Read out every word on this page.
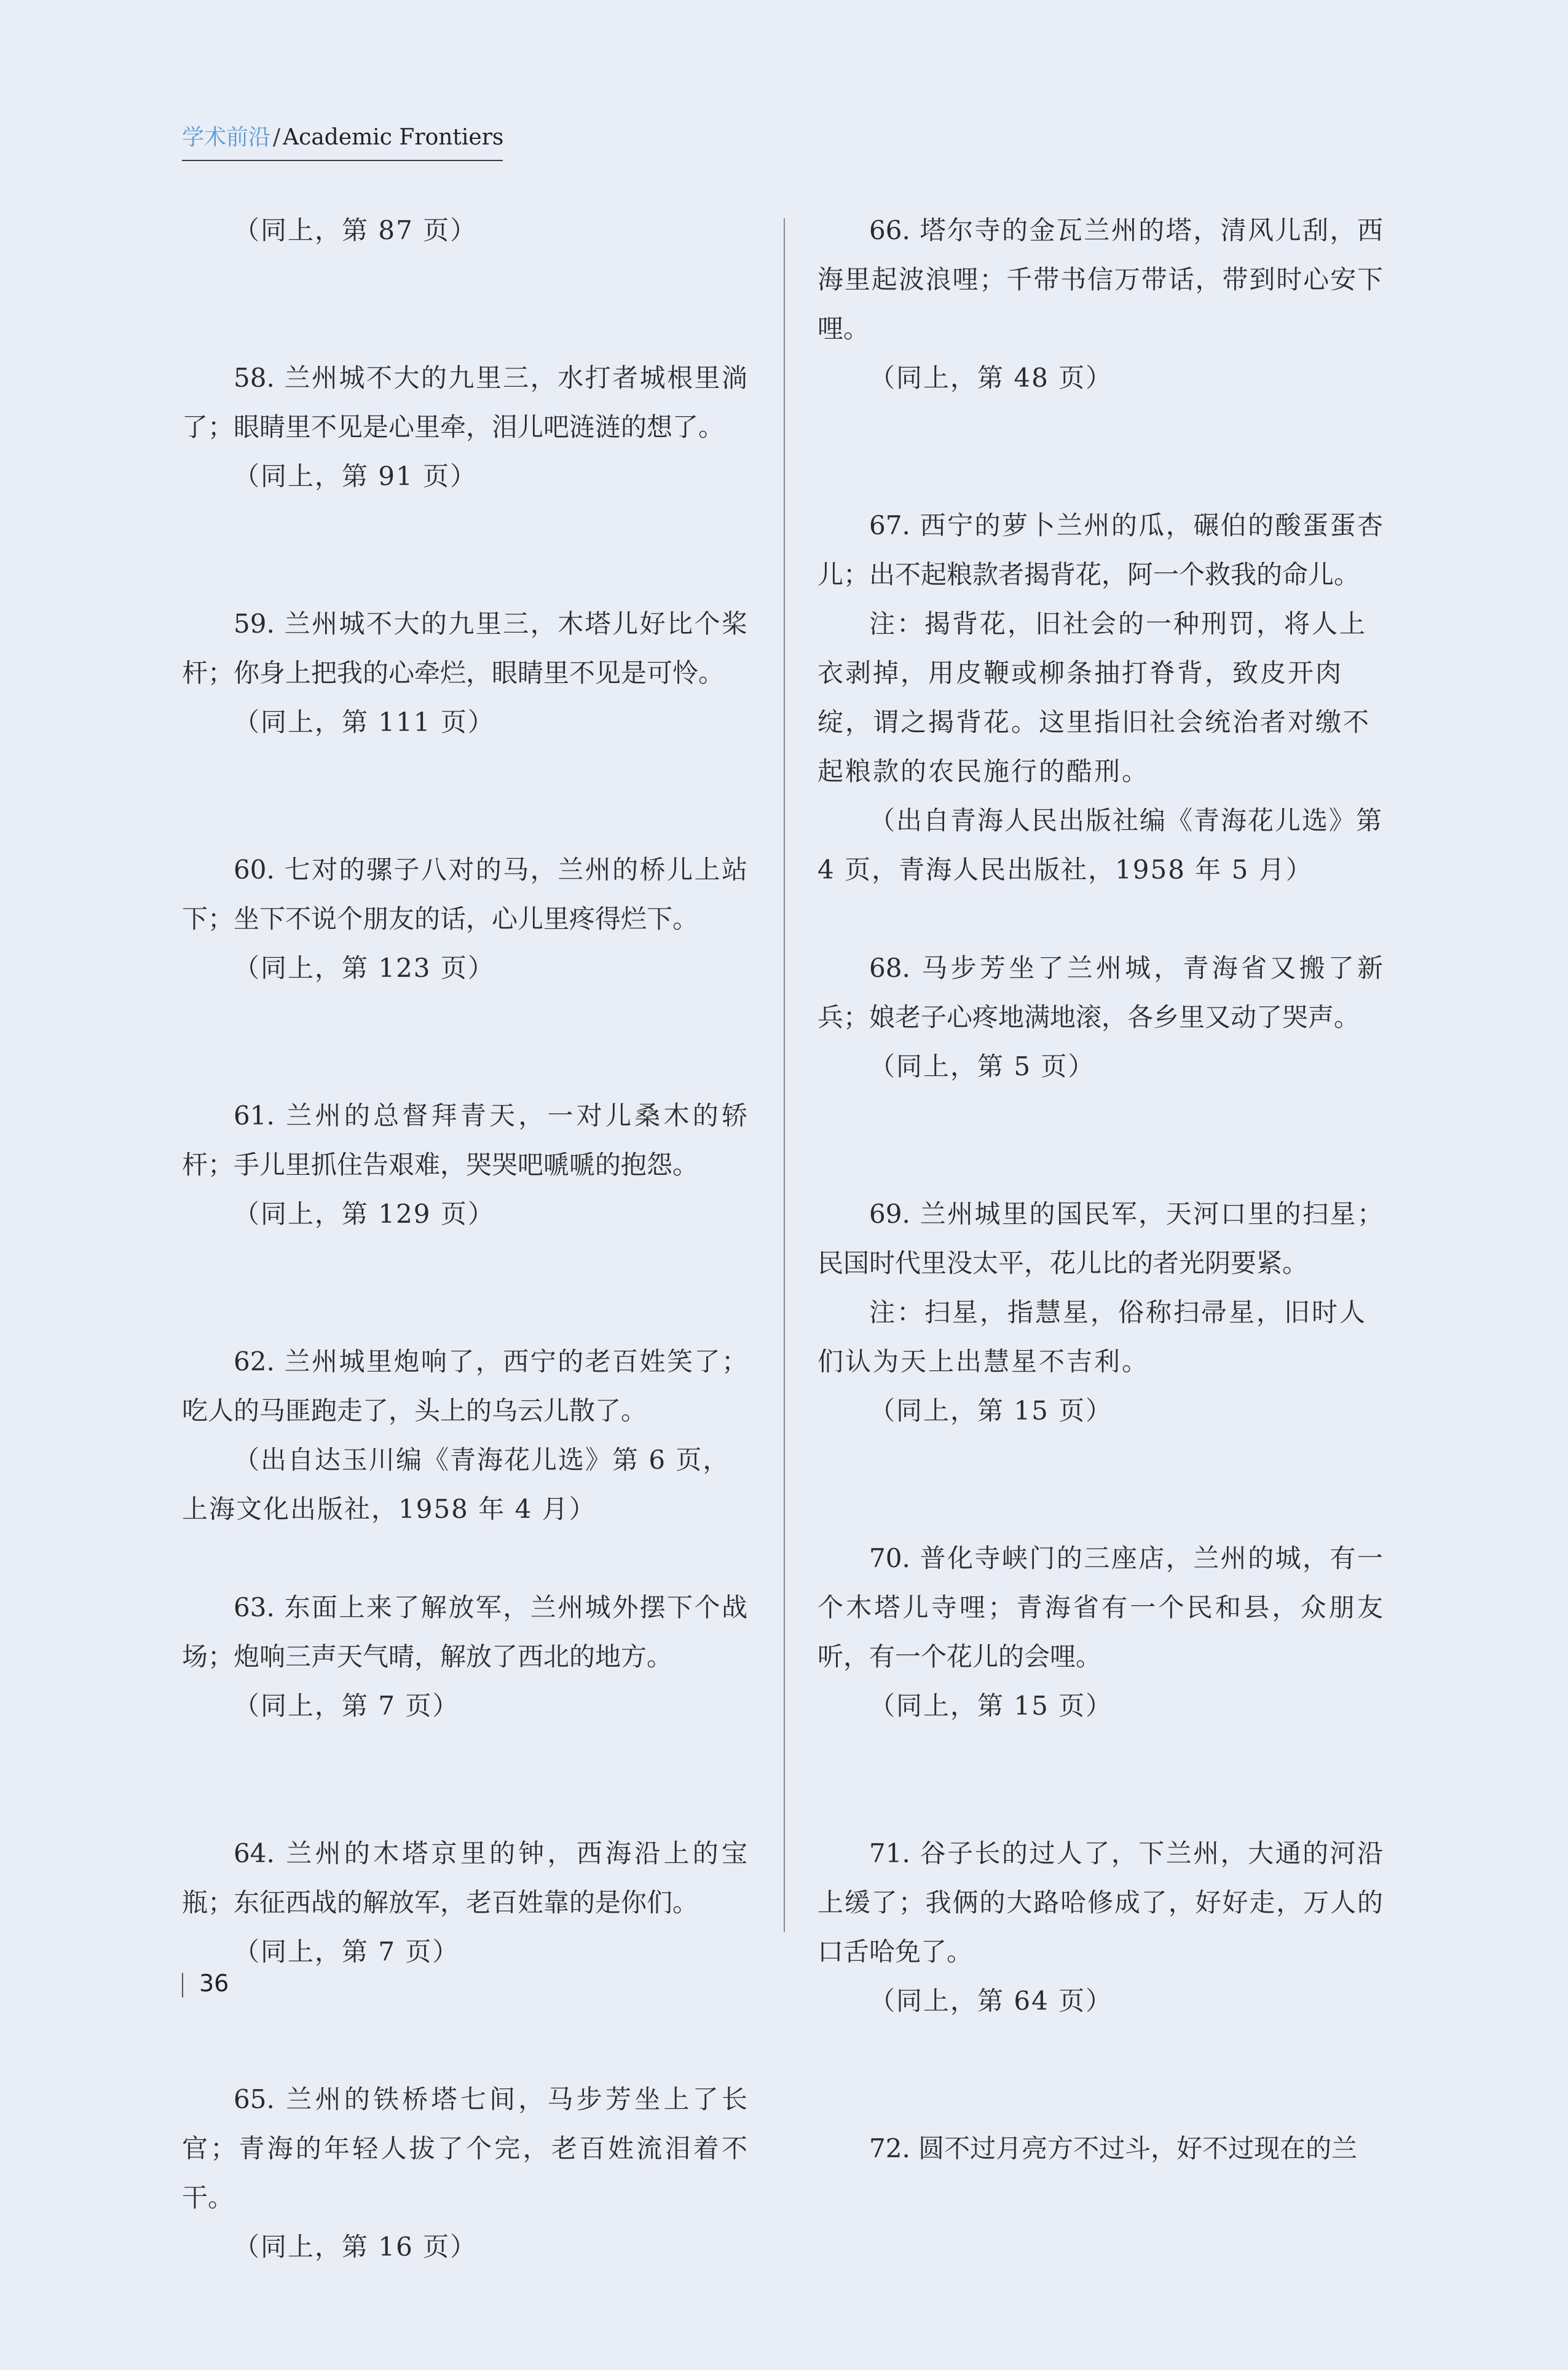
学术前沿 / Academic Frontiers

（同上，第 87 页）

58. 兰州城不大的九里三，水打者城根里淌了；眼睛里不见是心里牵，泪儿吧涟涟的想了。

（同上，第 91 页）

59. 兰州城不大的九里三，木塔儿好比个桨杆；你身上把我的心牵烂，眼睛里不见是可怜。

（同上，第 111 页）

60. 七对的骡子八对的马，兰州的桥儿上站下；坐下不说个朋友的话，心儿里疼得烂下。

（同上，第 123 页）

61. 兰州的总督拜青天，一对儿桑木的轿杆；手儿里抓住告艰难，哭哭吧嗁嗁的抱怨。

（同上，第 129 页）

62. 兰州城里炮响了，西宁的老百姓笑了；吃人的马匪跑走了，头上的乌云儿散了。

（出自达玉川编《青海花儿选》第 6 页，上海文化出版社，1958 年 4 月）

63. 东面上来了解放军，兰州城外摆下个战场；炮响三声天气晴，解放了西北的地方。

（同上，第 7 页）

64. 兰州的木塔京里的钟，西海沿上的宝瓶；东征西战的解放军，老百姓靠的是你们。

（同上，第 7 页）

65. 兰州的铁桥塔七间，马步芳坐上了长官；青海的年轻人拔了个完，老百姓流泪着不干。

（同上，第 16 页）

66. 塔尔寺的金瓦兰州的塔，清风儿刮，西海里起波浪哩；千带书信万带话，带到时心安下哩。

（同上，第 48 页）

67. 西宁的萝卜兰州的瓜，碾伯的酸蛋蛋杏儿；出不起粮款者揭背花，阿一个救我的命儿。

注：揭背花，旧社会的一种刑罚，将人上衣剥掉，用皮鞭或柳条抽打脊背，致皮开肉绽，谓之揭背花。这里指旧社会统治者对缴不起粮款的农民施行的酷刑。

（出自青海人民出版社编《青海花儿选》第 4 页，青海人民出版社，1958 年 5 月）

68. 马步芳坐了兰州城，青海省又搬了新兵；娘老子心疼地满地滚，各乡里又动了哭声。

（同上，第 5 页）

69. 兰州城里的国民军，天河口里的扫星；民国时代里没太平，花儿比的者光阴要紧。

注：扫星，指慧星，俗称扫帚星，旧时人们认为天上出慧星不吉利。

（同上，第 15 页）

70. 普化寺峡门的三座店，兰州的城，有一个木塔儿寺哩；青海省有一个民和县，众朋友听，有一个花儿的会哩。

（同上，第 15 页）

71. 谷子长的过人了，下兰州，大通的河沿上缓了；我俩的大路哈修成了，好好走，万人的口舌哈免了。

（同上，第 64 页）

72. 圆不过月亮方不过斗，好不过现在的兰

36
